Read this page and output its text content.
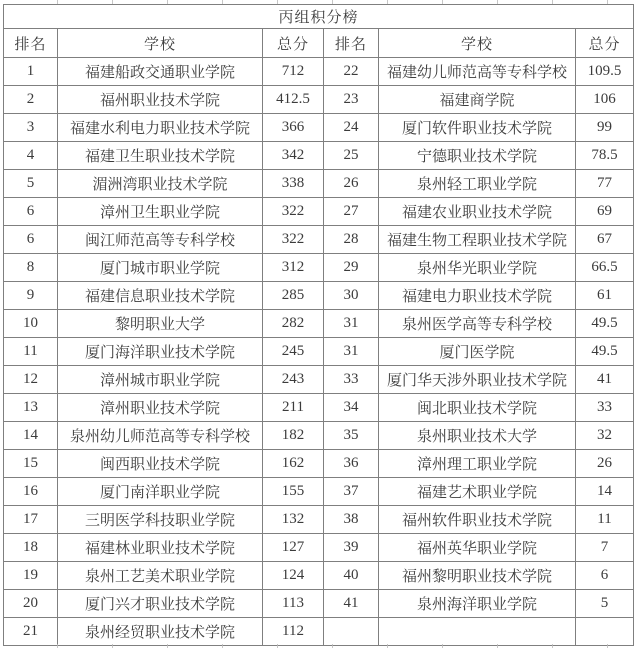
丙组积分榜					
排名	学校	总分	排名	学校	总分
1	福建船政交通职业学院	712	22	福建幼儿师范高等专科学校	109.5
2	福州职业技术学院	412.5	23	福建商学院	106
3	福建水利电力职业技术学院	366	24	厦门软件职业技术学院	99
4	福建卫生职业技术学院	342	25	宁德职业技术学院	78.5
5	湄洲湾职业技术学院	338	26	泉州轻工职业学院	77
6	漳州卫生职业学院	322	27	福建农业职业技术学院	69
6	闽江师范高等专科学校	322	28	福建生物工程职业技术学院	67
8	厦门城市职业学院	312	29	泉州华光职业学院	66.5
9	福建信息职业技术学院	285	30	福建电力职业技术学院	61
10	黎明职业大学	282	31	泉州医学高等专科学校	49.5
11	厦门海洋职业技术学院	245	31	厦门医学院	49.5
12	漳州城市职业学院	243	33	厦门华天涉外职业技术学院	41
13	漳州职业技术学院	211	34	闽北职业技术学院	33
14	泉州幼儿师范高等专科学校	182	35	泉州职业技术大学	32
15	闽西职业技术学院	162	36	漳州理工职业学院	26
16	厦门南洋职业学院	155	37	福建艺术职业学院	14
17	三明医学科技职业学院	132	38	福州软件职业技术学院	11
18	福建林业职业技术学院	127	39	福州英华职业学院	7
19	泉州工艺美术职业学院	124	40	福州黎明职业技术学院	6
20	厦门兴才职业技术学院	113	41	泉州海洋职业学院	5
21	泉州经贸职业技术学院	112			
